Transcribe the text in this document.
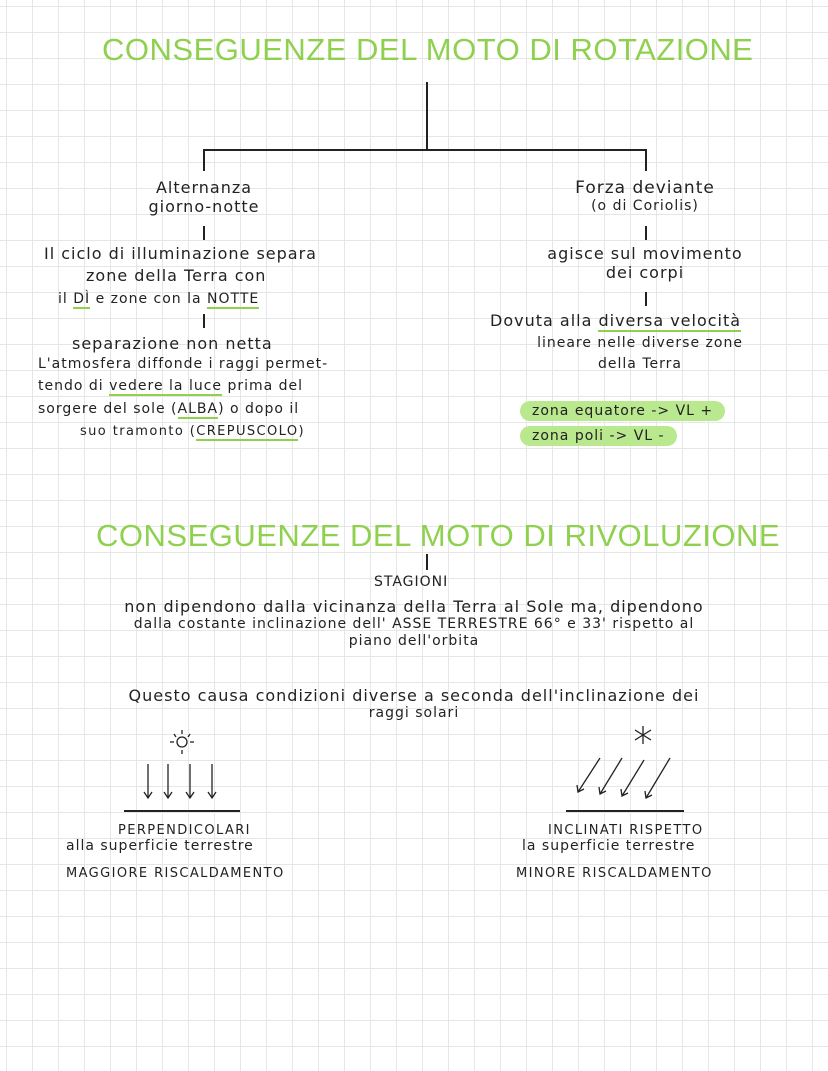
CONSEGUENZE DEL MOTO DI ROTAZIONE
Alternanza
giorno-notte
Il ciclo di illuminazione separa
zone della Terra con
il DÌ e zone con la NOTTE
separazione non netta
L'atmosfera diffonde i raggi permet-
tendo di vedere la luce prima del
sorgere del sole (ALBA) o dopo il
suo tramonto (CREPUSCOLO)
Forza deviante
(o di Coriolis)
agisce sul movimento
dei corpi
Dovuta alla diversa velocità
lineare nelle diverse zone
della Terra
zona equatore -> VL +
zona poli -> VL -
CONSEGUENZE DEL MOTO DI RIVOLUZIONE
STAGIONI
non dipendono dalla vicinanza della Terra al Sole ma, dipendono
dalla costante inclinazione dell' ASSE TERRESTRE 66° e 33' rispetto al
piano dell'orbita
Questo causa condizioni diverse a seconda dell'inclinazione dei
raggi solari
PERPENDICOLARI
alla superficie terrestre
MAGGIORE RISCALDAMENTO
INCLINATI RISPETTO
la superficie terrestre
MINORE RISCALDAMENTO
